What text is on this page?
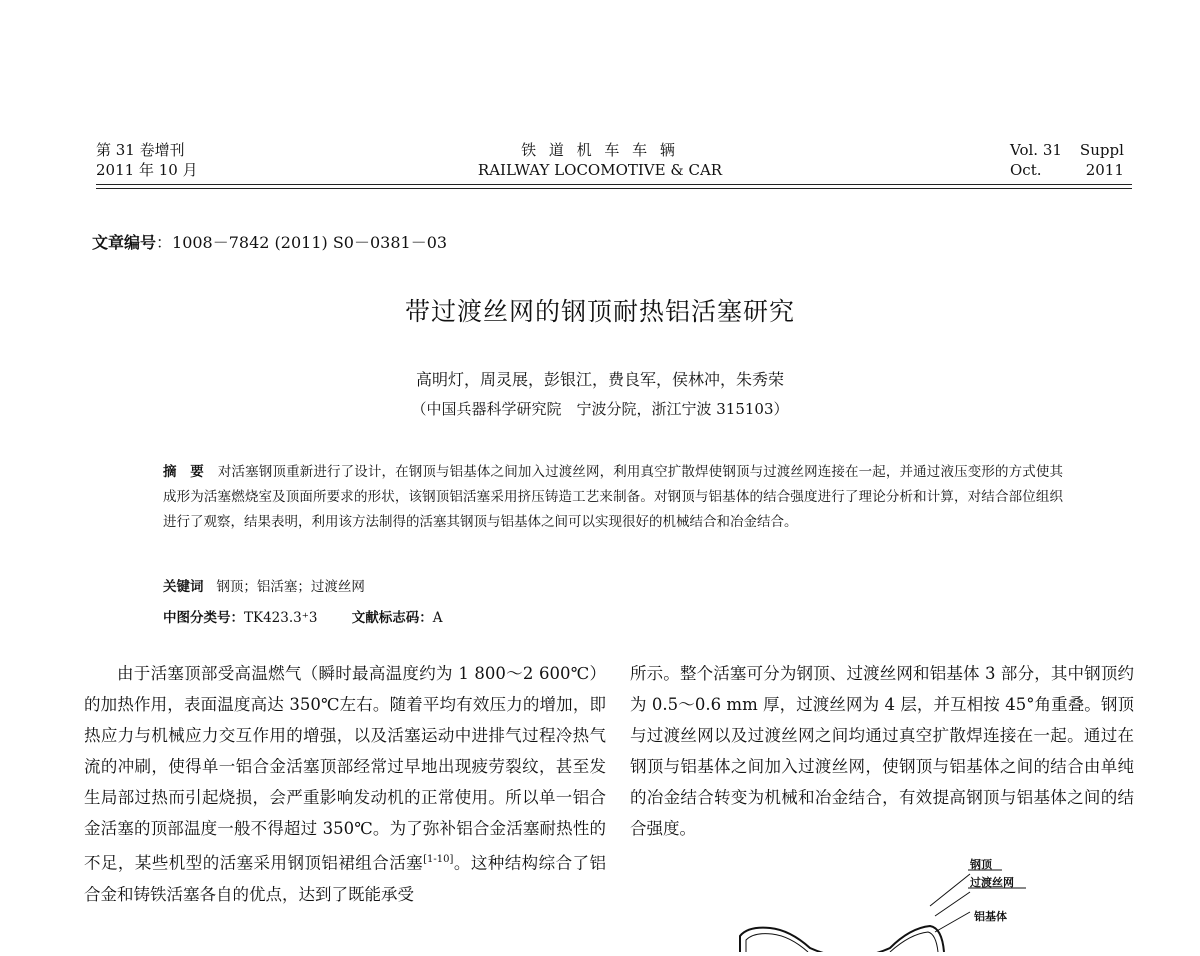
第 31 卷增刊
2011 年 10 月
铁 道 机 车 车 辆
RAILWAY LOCOMOTIVE & CAR
Vol. 31 Suppl
Oct.	2011
文章编号：1008－7842 (2011) S0－0381－03
带过渡丝网的钢顶耐热铝活塞研究
高明灯，周灵展，彭银江，费良军，侯林冲，朱秀荣
（中国兵器科学研究院　宁波分院，浙江宁波 315103）
摘　要 对活塞钢顶重新进行了设计，在钢顶与铝基体之间加入过渡丝网，利用真空扩散焊使钢顶与过渡丝网连接在一起，并通过液压变形的方式使其成形为活塞燃烧室及顶面所要求的形状，该钢顶铝活塞采用挤压铸造工艺来制备。对钢顶与铝基体的结合强度进行了理论分析和计算，对结合部位组织进行了观察，结果表明，利用该方法制得的活塞其钢顶与铝基体之间可以实现很好的机械结合和冶金结合。
关键词 钢顶；铝活塞；过渡丝网
中图分类号：TK423.3⁺3	文献标志码：A
由于活塞顶部受高温燃气（瞬时最高温度约为 1 800～2 600℃）的加热作用，表面温度高达 350℃左右。随着平均有效压力的增加，即热应力与机械应力交互作用的增强，以及活塞运动中进排气过程冷热气流的冲刷，使得单一铝合金活塞顶部经常过早地出现疲劳裂纹，甚至发生局部过热而引起烧损，会严重影响发动机的正常使用。所以单一铝合金活塞的顶部温度一般不得超过 350℃。为了弥补铝合金活塞耐热性的不足，某些机型的活塞采用钢顶铝裙组合活塞[1-10]。这种结构综合了铝合金和铸铁活塞各自的优点，达到了既能承受
所示。整个活塞可分为钢顶、过渡丝网和铝基体 3 部分，其中钢顶约为 0.5～0.6 mm 厚，过渡丝网为 4 层，并互相按 45°角重叠。钢顶与过渡丝网以及过渡丝网之间均通过真空扩散焊连接在一起。通过在钢顶与铝基体之间加入过渡丝网，使钢顶与铝基体之间的结合由单纯的冶金结合转变为机械和冶金结合，有效提高钢顶与铝基体之间的结合强度。
钢顶
过渡丝网
铝基体
